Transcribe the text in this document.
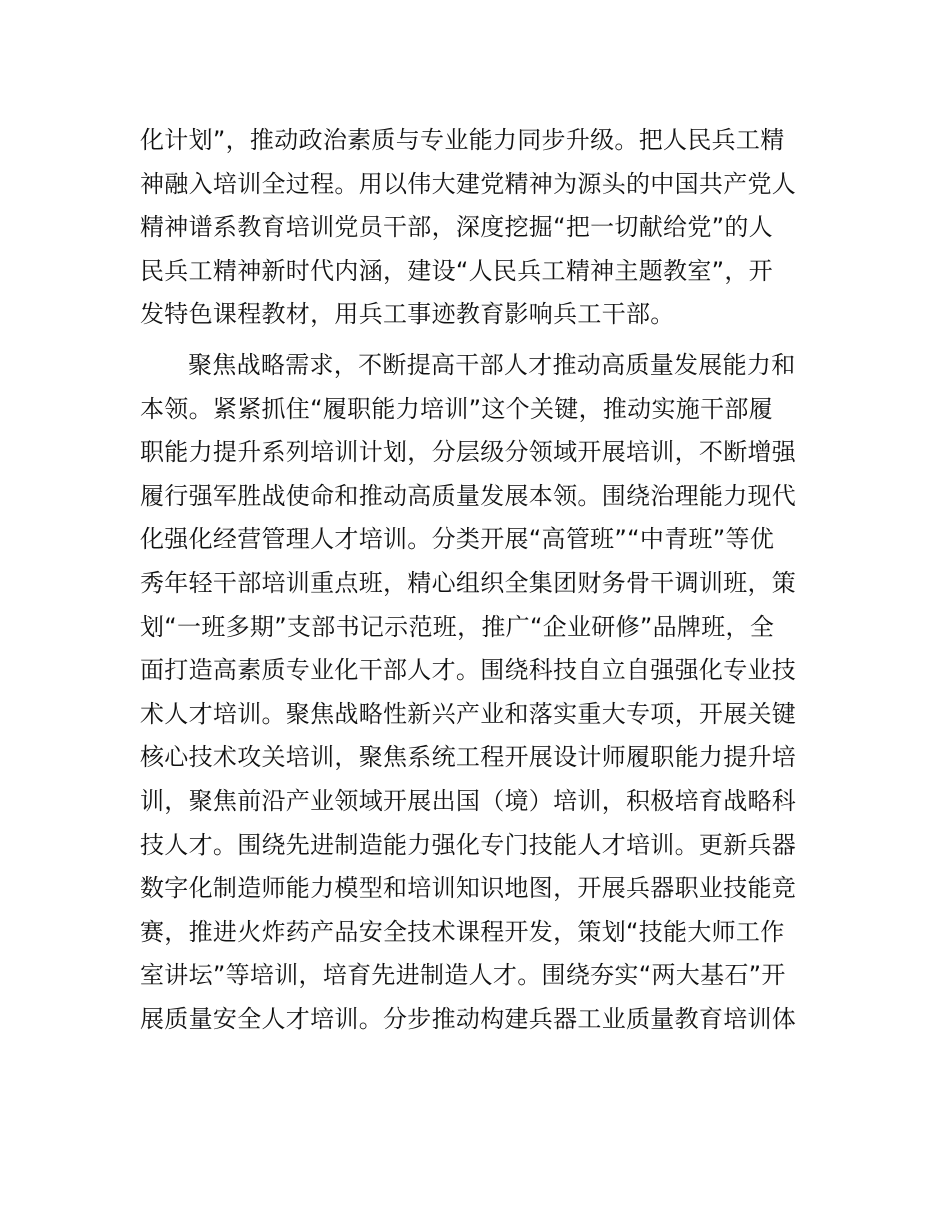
化计划”，推动政治素质与专业能力同步升级。把人民兵工精
神融入培训全过程。用以伟大建党精神为源头的中国共产党人
精神谱系教育培训党员干部，深度挖掘“把一切献给党”的人
民兵工精神新时代内涵，建设“人民兵工精神主题教室”，开
发特色课程教材，用兵工事迹教育影响兵工干部。
聚焦战略需求，不断提高干部人才推动高质量发展能力和
本领。紧紧抓住“履职能力培训”这个关键，推动实施干部履
职能力提升系列培训计划，分层级分领域开展培训，不断增强
履行强军胜战使命和推动高质量发展本领。围绕治理能力现代
化强化经营管理人才培训。分类开展“高管班”“中青班”等优
秀年轻干部培训重点班，精心组织全集团财务骨干调训班，策
划“一班多期”支部书记示范班，推广“企业研修”品牌班，全
面打造高素质专业化干部人才。围绕科技自立自强强化专业技
术人才培训。聚焦战略性新兴产业和落实重大专项，开展关键
核心技术攻关培训，聚焦系统工程开展设计师履职能力提升培
训，聚焦前沿产业领域开展出国（境）培训，积极培育战略科
技人才。围绕先进制造能力强化专门技能人才培训。更新兵器
数字化制造师能力模型和培训知识地图，开展兵器职业技能竞
赛，推进火炸药产品安全技术课程开发，策划“技能大师工作
室讲坛”等培训，培育先进制造人才。围绕夯实“两大基石”开
展质量安全人才培训。分步推动构建兵器工业质量教育培训体
